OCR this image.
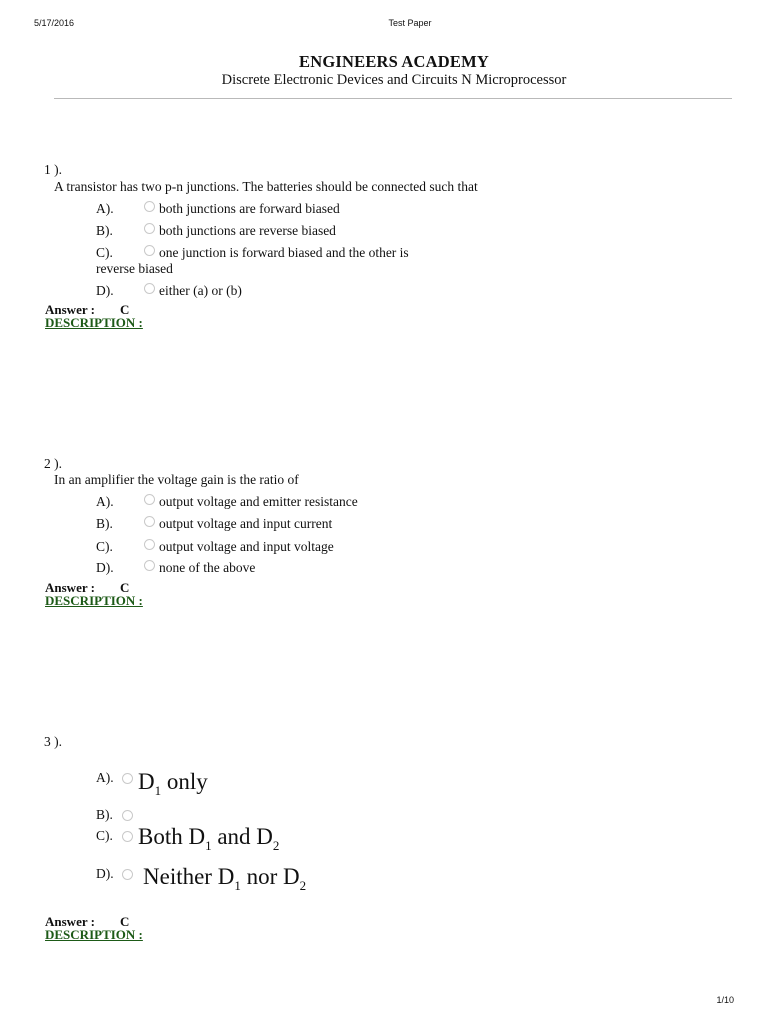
5/17/2016	Test Paper
ENGINEERS ACADEMY
Discrete Electronic Devices and Circuits N Microprocessor
1 ).
A transistor has two p-n junctions. The batteries should be connected such that
A).	both junctions are forward biased
B).	both junctions are reverse biased
C).	one junction is forward biased and the other is
reverse biased
D).	either (a) or (b)
Answer : C
DESCRIPTION :
2 ).
In an amplifier the voltage gain is the ratio of
A).	output voltage and emitter resistance
B).	output voltage and input current
C).	output voltage and input voltage
D).	none of the above
Answer : C
DESCRIPTION :
3 ).
A). $D_1$ only
B).
C). Both $D_1$ and $D_2$
D). Neither $D_1$ nor $D_2$
Answer : C
DESCRIPTION :
1/10
